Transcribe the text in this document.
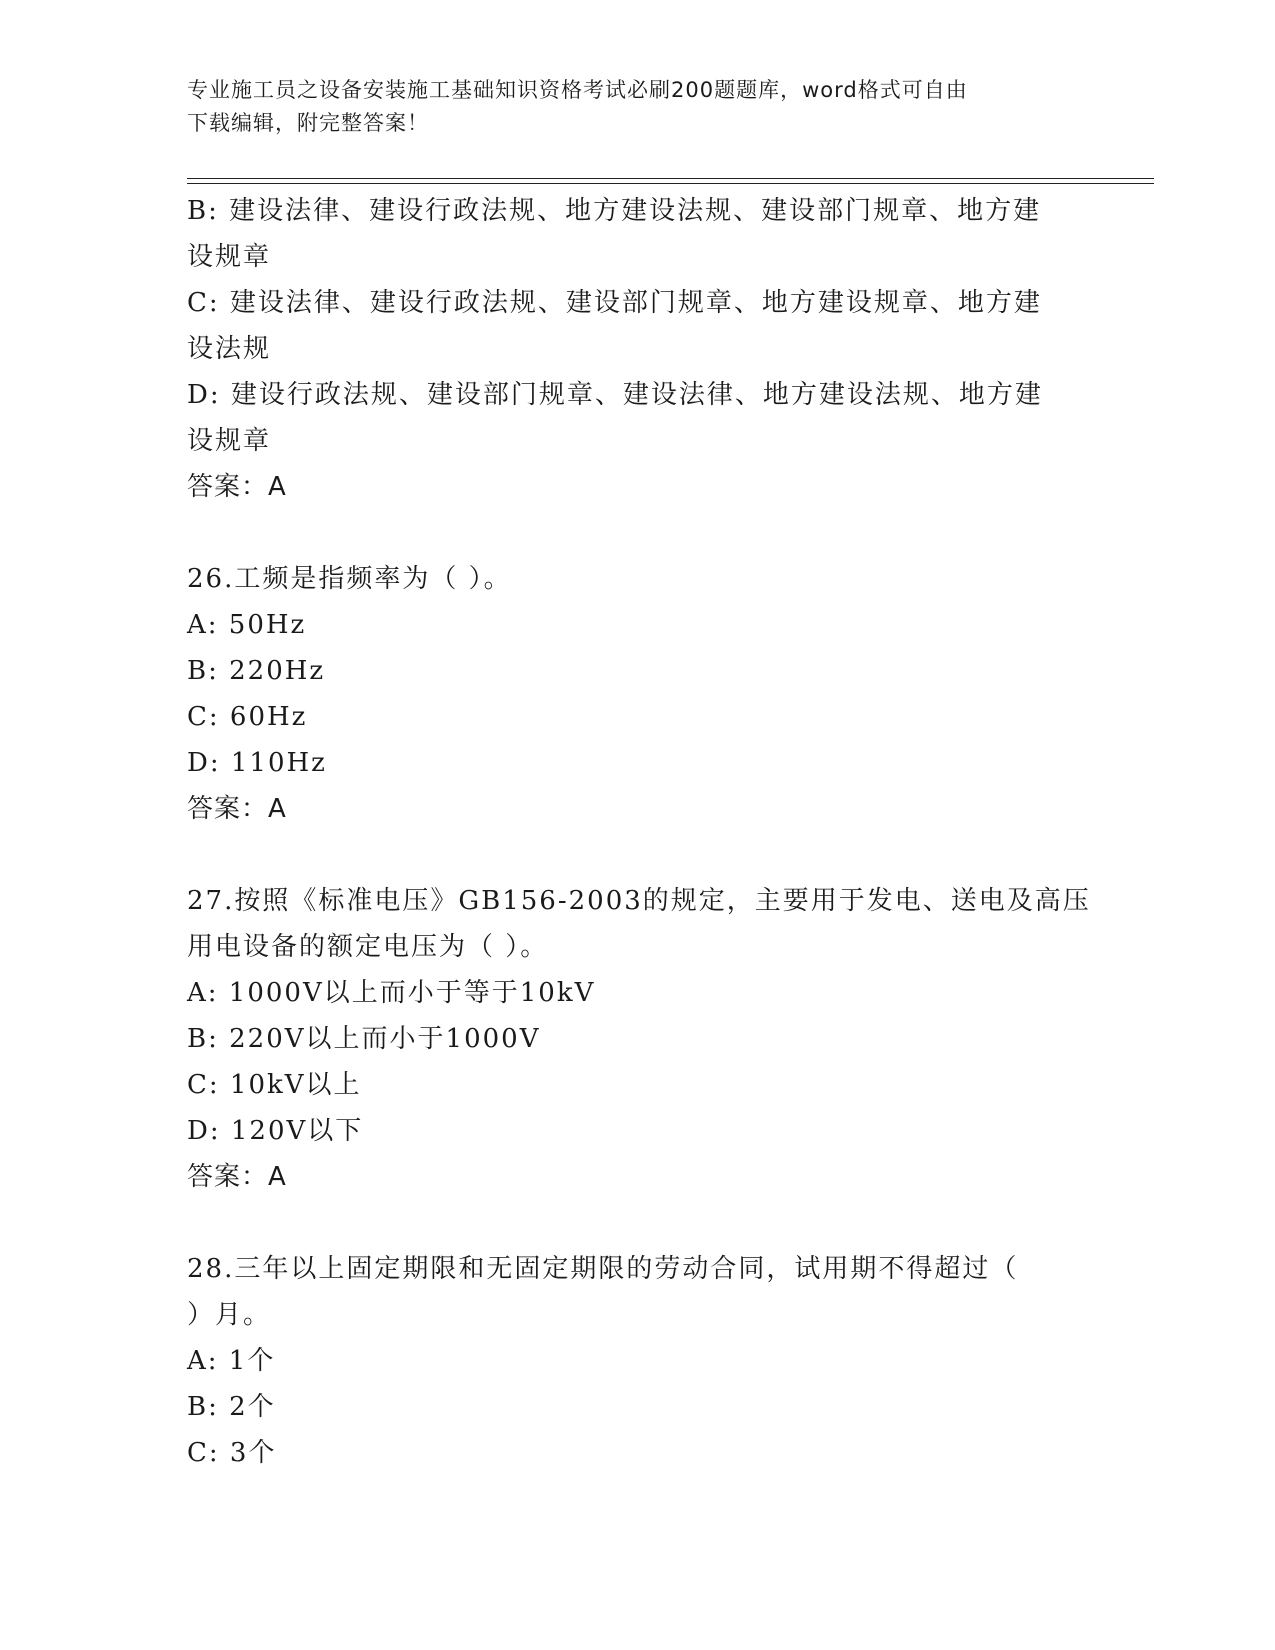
专业施工员之设备安装施工基础知识资格考试必刷200题题库，word格式可自由
下载编辑，附完整答案！
B: 建设法律、建设行政法规、地方建设法规、建设部门规章、地方建
设规章
C: 建设法律、建设行政法规、建设部门规章、地方建设规章、地方建
设法规
D: 建设行政法规、建设部门规章、建设法律、地方建设法规、地方建
设规章
答案：A
26.工频是指频率为（ ）。
A: 50Hz
B: 220Hz
C: 60Hz
D: 110Hz
答案：A
27.按照《标准电压》GB156-2003的规定，主要用于发电、送电及高压
用电设备的额定电压为（ ）。
A: 1000V以上而小于等于10kV
B: 220V以上而小于1000V
C: 10kV以上
D: 120V以下
答案：A
28.三年以上固定期限和无固定期限的劳动合同，试用期不得超过（
）月。
A: 1个
B: 2个
C: 3个
